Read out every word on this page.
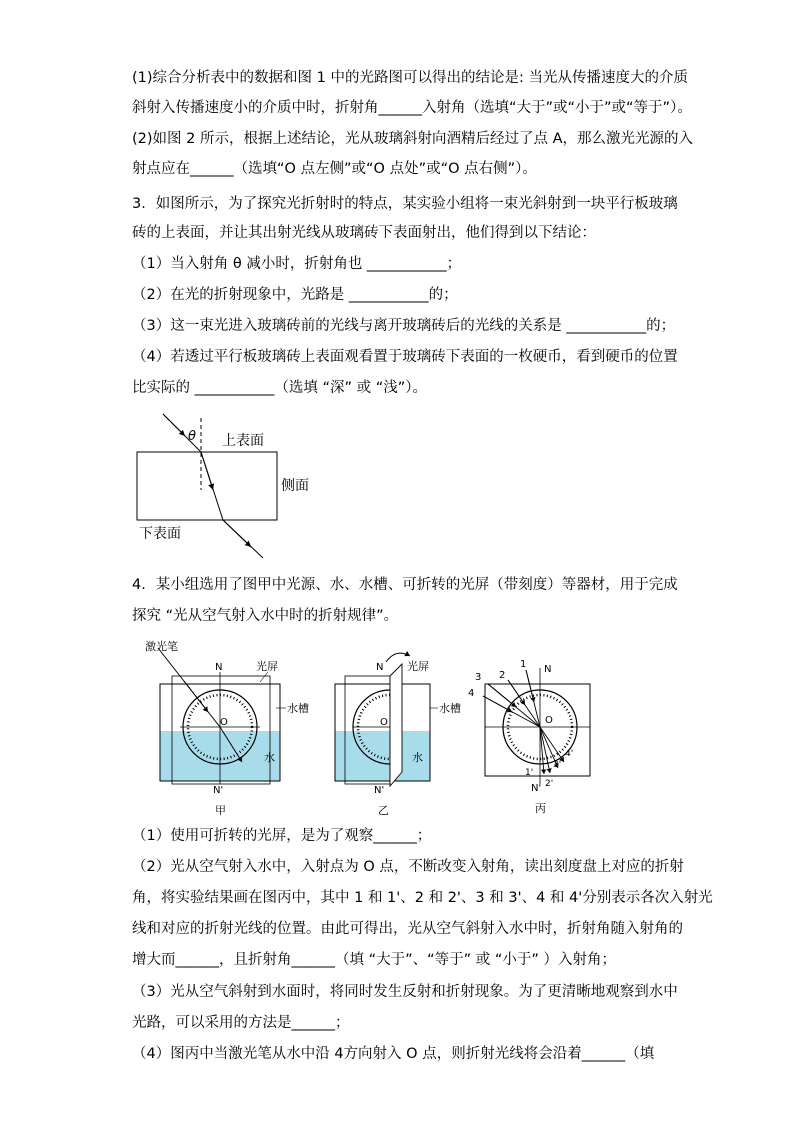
(1)综合分析表中的数据和图 1 中的光路图可以得出的结论是: 当光从传播速度大的介质
斜射入传播速度小的介质中时，折射角______入射角（选填“大于”或“小于”或“等于”）。
(2)如图 2 所示，根据上述结论，光从玻璃斜射向酒精后经过了点 A，那么激光光源的入
射点应在______（选填“O 点左侧”或“O 点处”或“O 点右侧”）。
3．如图所示，为了探究光折射时的特点，某实验小组将一束光斜射到一块平行板玻璃
砖的上表面，并让其出射光线从玻璃砖下表面射出，他们得到以下结论：
（1）当入射角 θ 减小时，折射角也 ___________；
（2）在光的折射现象中，光路是 ___________的；
（3）这一束光进入玻璃砖前的光线与离开玻璃砖后的光线的关系是 ___________的；
（4）若透过平行板玻璃砖上表面观看置于玻璃砖下表面的一枚硬币，看到硬币的位置
比实际的 ___________（选填 “深” 或 “浅”）。
θ 上表面
侧面
下表面
4．某小组选用了图甲中光源、水、水槽、可折转的光屏（带刻度）等器材，用于完成
探究 “光从空气射入水中时的折射规律”。
激光笔
N	光屏
O
水槽
水
N'
甲
N 光屏
O
水槽
水
N'
乙
N
1
2
3
4
O
1'
2'
3'
4'
N'
丙
（1）使用可折转的光屏，是为了观察______；
（2）光从空气射入水中，入射点为 O 点，不断改变入射角，读出刻度盘上对应的折射
角，将实验结果画在图丙中，其中 1 和 1'、2 和 2'、3 和 3'、4 和 4'分别表示各次入射光
线和对应的折射光线的位置。由此可得出，光从空气斜射入水中时，折射角随入射角的
增大而______，且折射角______（填 “大于”、“等于” 或 “小于” ）入射角；
（3）光从空气斜射到水面时，将同时发生反射和折射现象。为了更清晰地观察到水中
光路，可以采用的方法是______；
（4）图丙中当激光笔从水中沿 4方向射入 O 点，则折射光线将会沿着______（填
